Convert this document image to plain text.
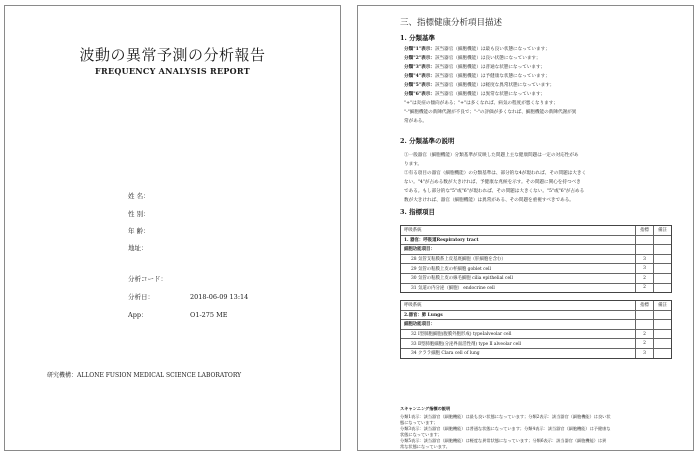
波動の異常予測の分析報告
FREQUENCY ANALYSIS REPORT
姓 名：
性 別：
年 齢：
地址：
分析コード：
分析日：	2018-06-09 13:14
App：	O1-275 ME
研究機構：ALLONE FUSION MEDICAL SCIENCE LABORATORY
三、指標健康分析項目描述
1. 分類基準
分類"1"表示：該当器官（細胞機能）は最も良い状態になっています；
分類"2"表示：該当器官（細胞機能）は良い状態になっています；
分類"3"表示：該当器官（細胞機能）は普通な状態になっています；
分類"4"表示：該当器官（細胞機能）は予健康な状態になっています；
分類"5"表示：該当器官（細胞機能）は軽度な異常状態になっています；
分類"6"表示：該当器官（細胞機能）は異常な状態になっています；
"+"は炎症の傾向がある；"+"は多くなれば、病気の程度が悪くなります；
"-"細胞機能の新陳代謝が不良で；"-"の評価が多くなれば、細胞機能の新陳代謝が異
常がある。
2. 分類基準の説明
①一般器官（細胞機能）分類基準が反映した問題上主な健康問題は一定の対応性があ
ります。
②有る項目の器官（細胞機能）の分類基準は、部分的な4が現われば、その問題は大きく
ない。"4"が占める数が大きければ、予健康な兆候を示す。その問題に関心を持つべき
である。もし部分的な"5"或"6"が現われば、その問題は大きくない。"5"或"6"が占める
数が大きければ、器官（細胞機能）は異常がある、その問題を重視すべきである。
3. 指標項目
呼吸系統	指標	備註
1. 器官：呼吸道Respiratory tract
細胞功能項目：
28 気管支粘膜系上皮基底細胞（肝細胞を含む）	3
29 気管の粘膜上皮の杯細胞 goblet cell	3
30 気管の粘膜上皮の線毛細胞 cilia epithelial cell	2
31 気道の内分泌（細胞） endocrine cell	2
呼吸系統	指標	備註
2.器官：肺 Lungs
細胞功能項目：
32 Ⅰ型肺胞細胞(腹膜外胞形成) typeⅠalveolar cell	2
33 Ⅱ型肺胞細胞(分泌界面活性剤) type Ⅱ alveolar cell	2
34 クララ細胞 Clara cell of lung	3
スキャンニング指標の説明
分類1表示：該当器官（細胞機能）は最も良い状態になっています；分類2表示：該当器官（細胞機能）は良い状
態になっています；
分類3表示：該当器官（細胞機能）は普通な状態になっています；分類4表示：該当器官（細胞機能）は予健康な
状態になっています；
分類5表示：該当器官（細胞機能）は軽度な異常状態になっています；分類6表示：該当器官（細胞機能）は異
常な状態になっています。
